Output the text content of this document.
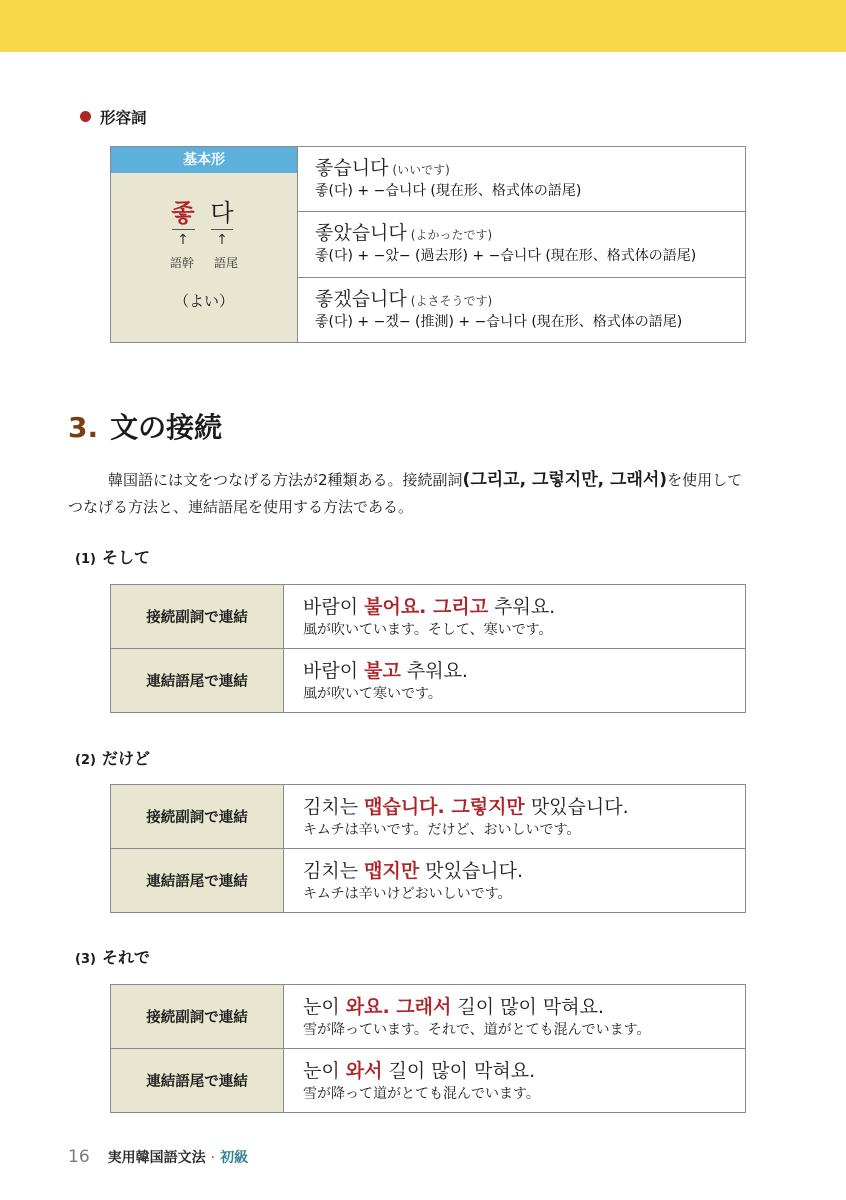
形容詞
基本形
좋 다
↑	↑
語幹	語尾
（よい）
좋습니다 (いいです)
좋(다) + −습니다 (現在形、格式体の語尾)
좋았습니다 (よかったです)
좋(다) + −았− (過去形) + −습니다 (現在形、格式体の語尾)
좋겠습니다 (よさそうです)
좋(다) + −겠− (推測) + −습니다 (現在形、格式体の語尾)
3. 文の接続
韓国語には文をつなげる方法が2種類ある。接続副詞(그리고, 그렇지만, 그래서)を使用して
つなげる方法と、連結語尾を使用する方法である。
(1) そして
接続副詞で連結	바람이 불어요. 그리고 추워요.
風が吹いています。そして、寒いです。
連結語尾で連結	바람이 불고 추워요.
風が吹いて寒いです。
(2) だけど
接続副詞で連結	김치는 맵습니다. 그렇지만 맛있습니다.
キムチは辛いです。だけど、おいしいです。
連結語尾で連結	김치는 맵지만 맛있습니다.
キムチは辛いけどおいしいです。
(3) それで
接続副詞で連結	눈이 와요. 그래서 길이 많이 막혀요.
雪が降っています。それで、道がとても混んでいます。
連結語尾で連結	눈이 와서 길이 많이 막혀요.
雪が降って道がとても混んでいます。
16 実用韓国語文法 · 初級
